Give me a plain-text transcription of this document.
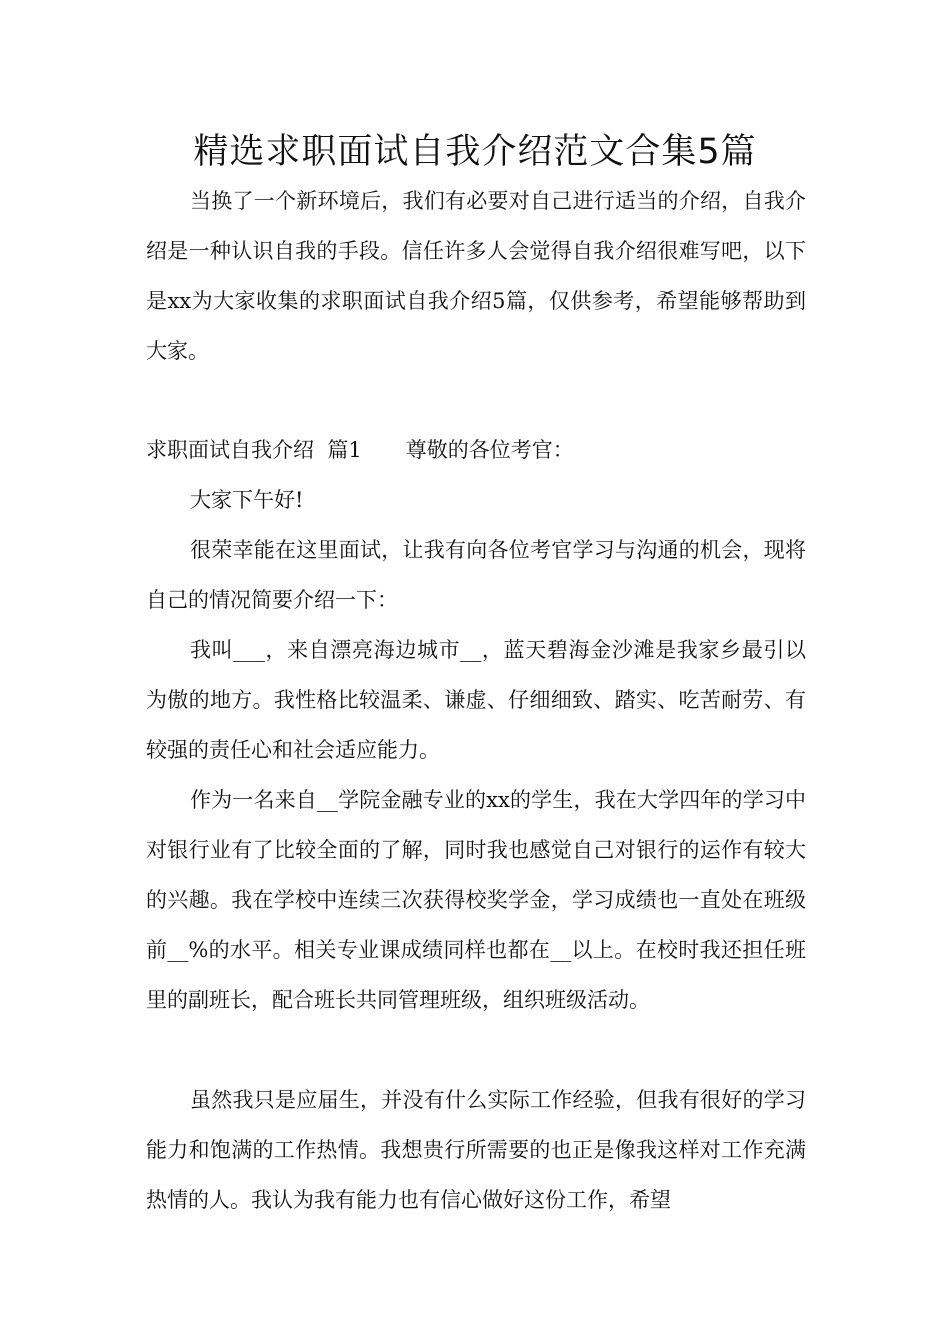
精选求职面试自我介绍范文合集5篇

当换了一个新环境后，我们有必要对自己进行适当的介绍，自我介绍是一种认识自我的手段。信任许多人会觉得自我介绍很难写吧，以下是xx为大家收集的求职面试自我介绍5篇，仅供参考，希望能够帮助到大家。

求职面试自我介绍  篇1 尊敬的各位考官：

大家下午好!

很荣幸能在这里面试，让我有向各位考官学习与沟通的机会，现将自己的情况简要介绍一下：

我叫___，来自漂亮海边城市__，蓝天碧海金沙滩是我家乡最引以为傲的地方。我性格比较温柔、谦虚、仔细细致、踏实、吃苦耐劳、有较强的责任心和社会适应能力。

作为一名来自__学院金融专业的xx的学生，我在大学四年的学习中对银行业有了比较全面的了解，同时我也感觉自己对银行的运作有较大的兴趣。我在学校中连续三次获得校奖学金，学习成绩也一直处在班级前__%的水平。相关专业课成绩同样也都在__以上。在校时我还担任班里的副班长，配合班长共同管理班级，组织班级活动。

虽然我只是应届生，并没有什么实际工作经验，但我有很好的学习能力和饱满的工作热情。我想贵行所需要的也正是像我这样对工作充满热情的人。我认为我有能力也有信心做好这份工作，希望
